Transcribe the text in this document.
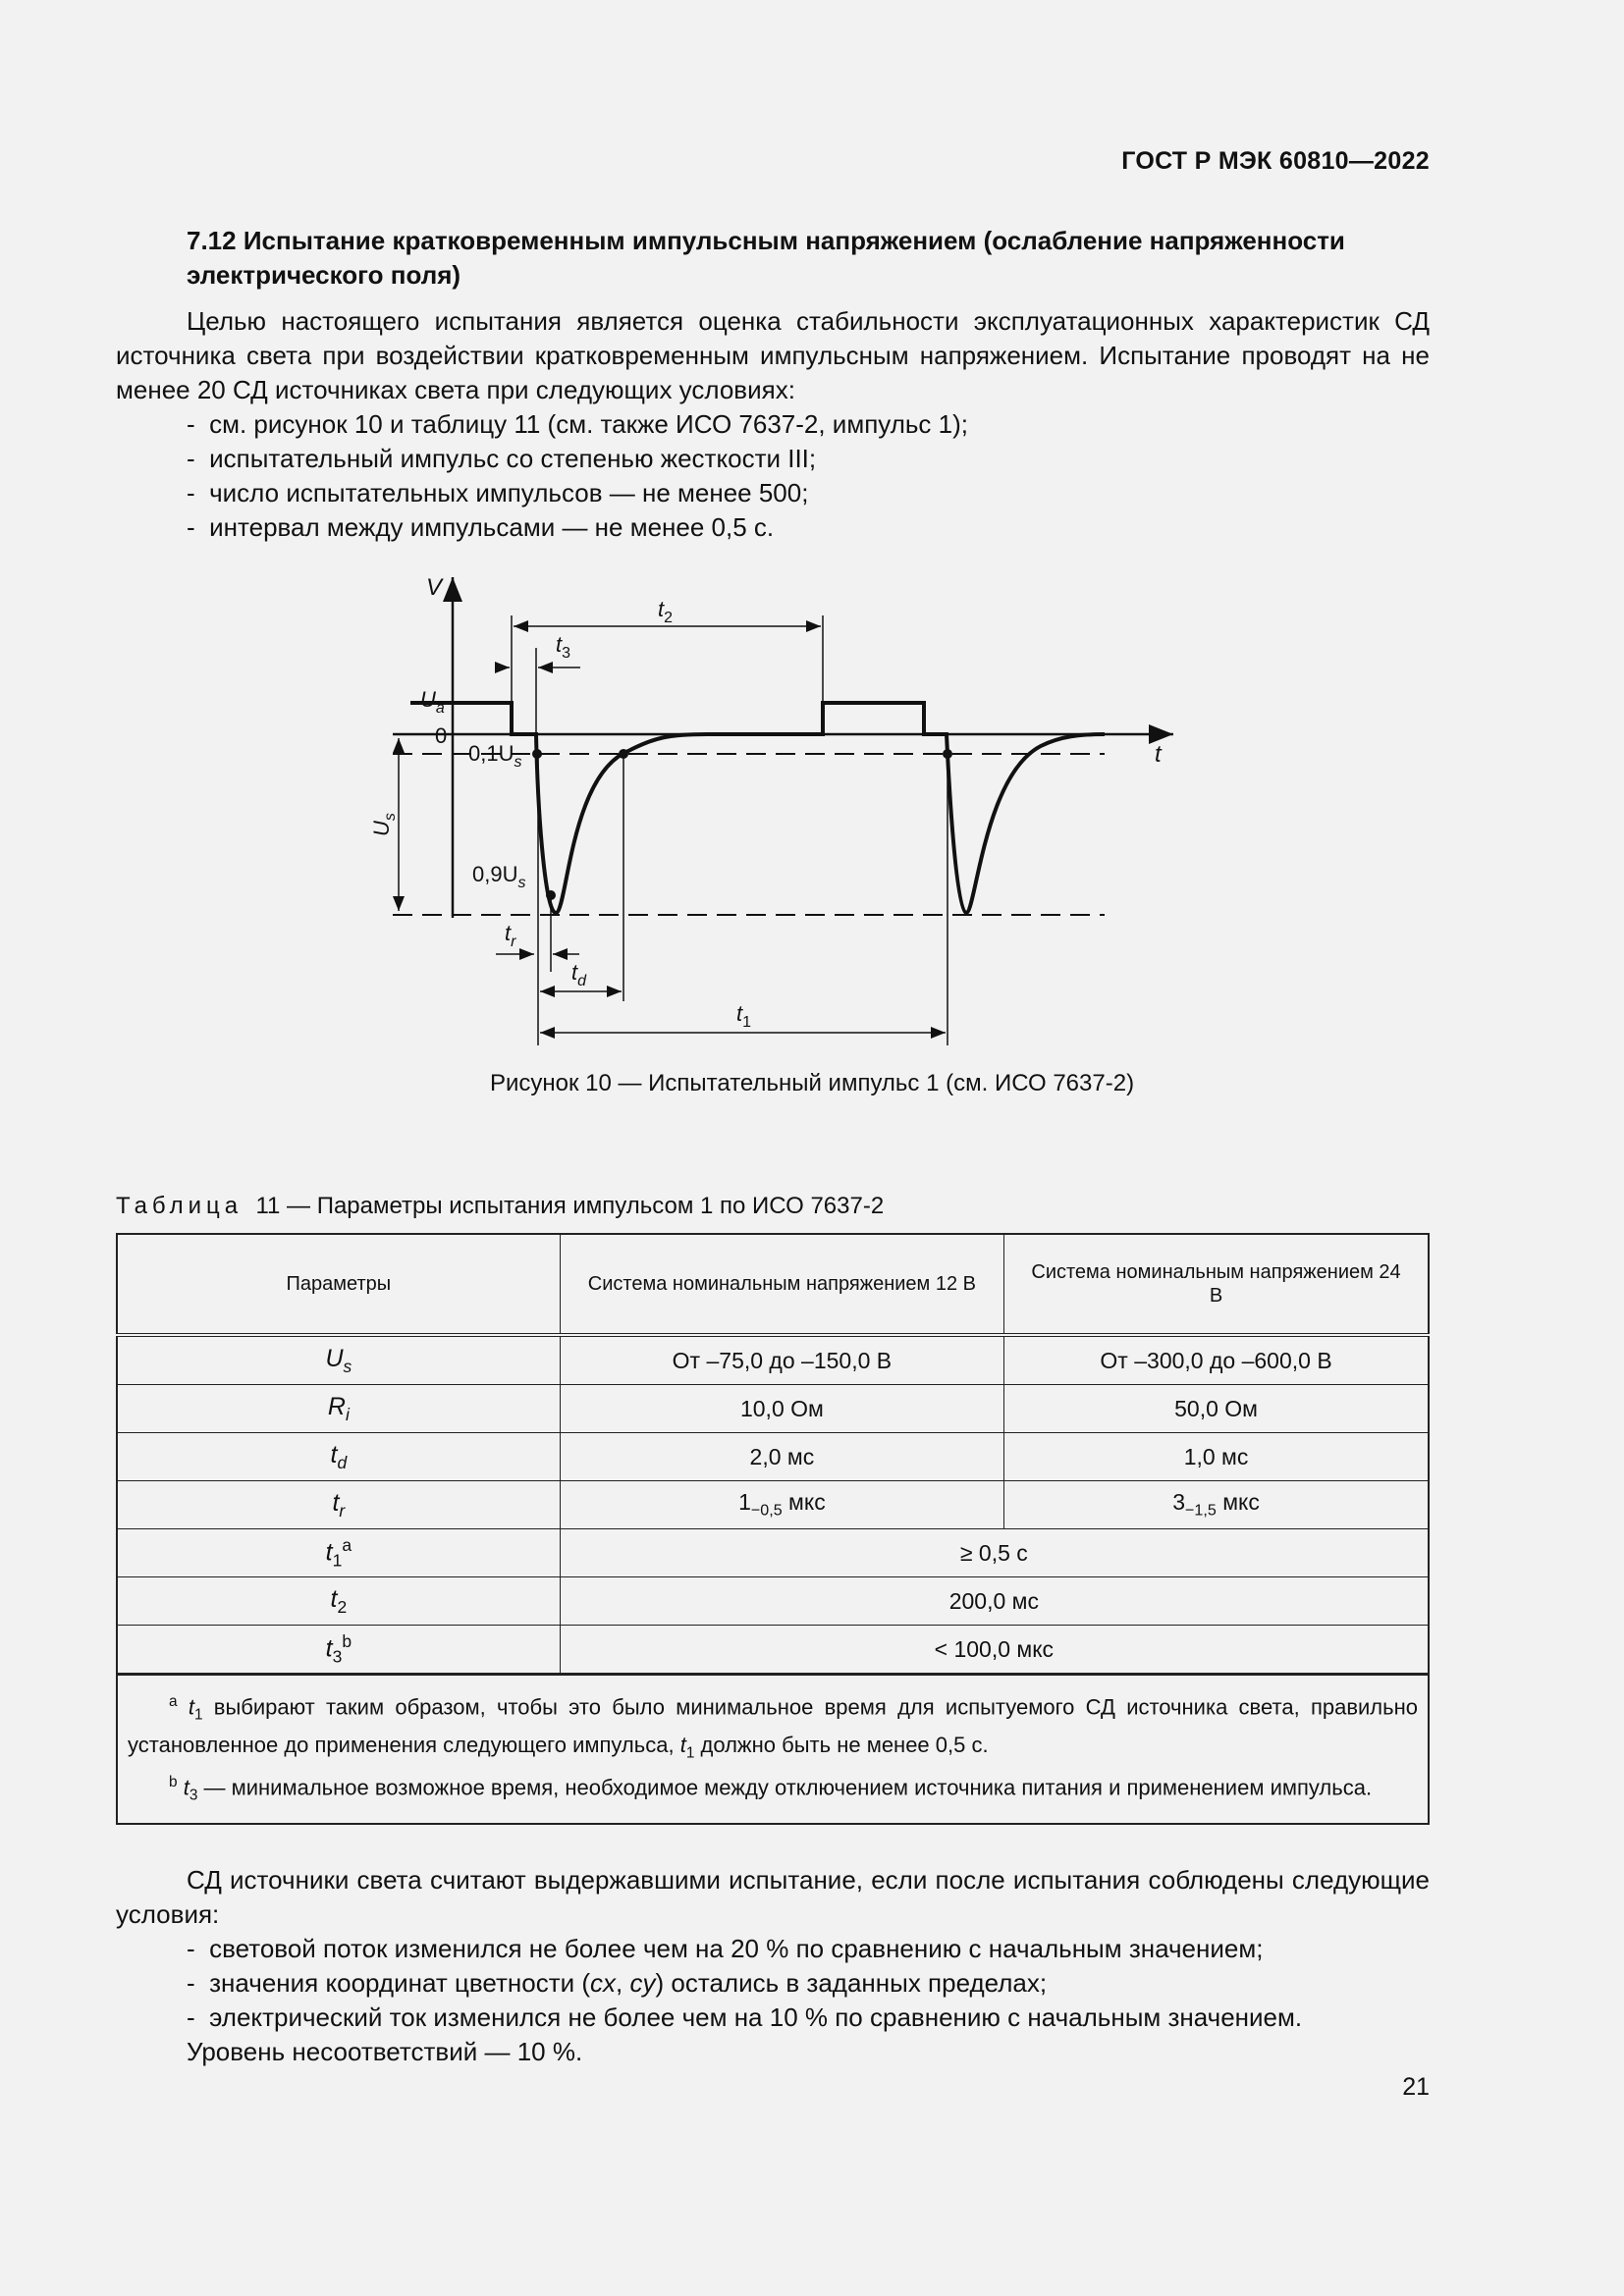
ГОСТ Р МЭК 60810—2022
7.12 Испытание кратковременным импульсным напряжением (ослабление напряженности электрического поля)
Целью настоящего испытания является оценка стабильности эксплуатационных характеристик СД источника света при воздействии кратковременным импульсным напряжением. Испытание проводят на не менее 20 СД источниках света при следующих условиях:
-  см. рисунок 10 и таблицу 11 (см. также ИСО 7637-2, импульс 1);
-  испытательный импульс со степенью жесткости III;
-  число испытательных импульсов — не менее 500;
-  интервал между импульсами — не менее 0,5 с.
V
t
$t_2$
$t_3$
$U_a$
0
$0,1U_s$
$0,9U_s$
$U_s$
$t_r$
$t_d$
$t_1$
Рисунок 10 — Испытательный импульс 1 (см. ИСО 7637-2)
Таблица 11 — Параметры испытания импульсом 1 по ИСО 7637-2
Параметры	Система номинальным напряжением 12 В	Система номинальным напряжением 24 В
$U_s$	От –75,0 до –150,0 В	От –300,0 до –600,0 В
$R_i$	10,0 Ом	50,0 Ом
$t_d$	2,0 мс	1,0 мс
$t_r$	$1_{-0,5}$ мкс	$3_{-1,5}$ мкс
$t_1^a$	≥ 0,5 с	
$t_2$	200,0 мс	
$t_3^b$	< 100,0 мкс	

$^a$ $t_1$ выбирают таким образом, чтобы это было минимальное время для испытуемого СД источника света, правильно установленное до применения следующего импульса, $t_1$ должно быть не менее 0,5 с.
$^b$ $t_3$ — минимальное возможное время, необходимое между отключением источника питания и применением импульса.		
СД источники света считают выдержавшими испытание, если после испытания соблюдены следующие условия:
-  световой поток изменился не более чем на 20 % по сравнению с начальным значением;
-  значения координат цветности (cx, cy) остались в заданных пределах;
-  электрический ток изменился не более чем на 10 % по сравнению с начальным значением.
Уровень несоответствий — 10 %.
21
